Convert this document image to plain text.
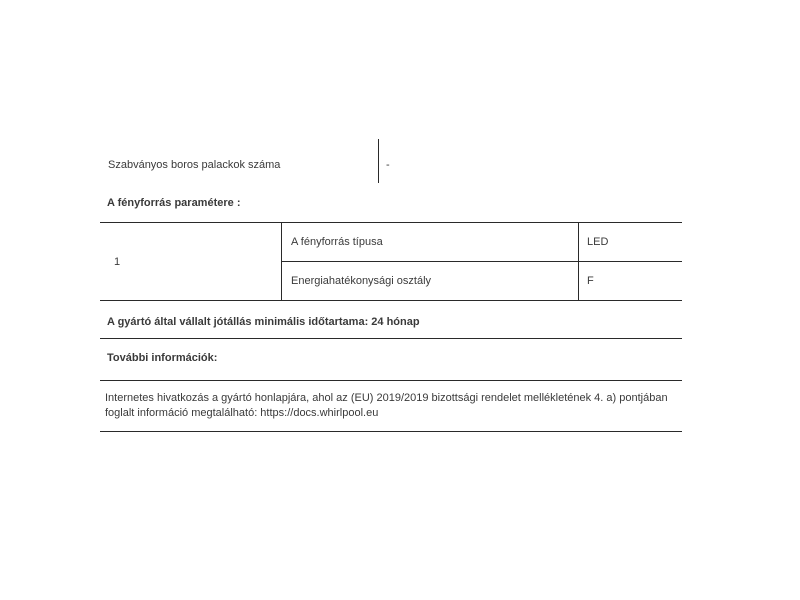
Szabványos boros palackok száma	-
A fényforrás paramétere :
1
A fényforrás típusa	LED
Energiahatékonysági osztály	F
A gyártó által vállalt jótállás minimális időtartama: 24 hónap
További információk:
Internetes hivatkozás a gyártó honlapjára, ahol az (EU) 2019/2019 bizottsági rendelet mellékletének 4. a) pontjában
foglalt információ megtalálható: https://docs.whirlpool.eu
